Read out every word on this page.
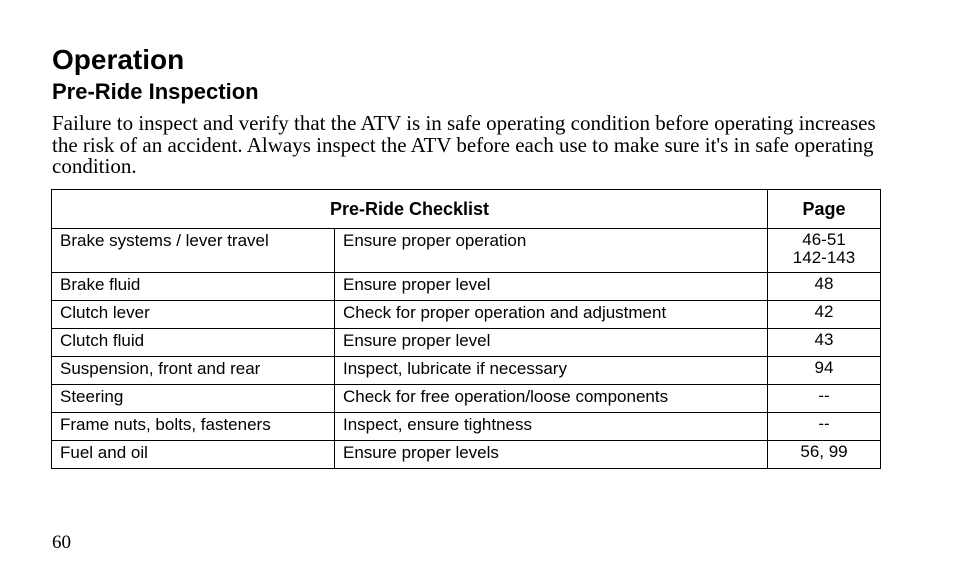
Operation
Pre-Ride Inspection

Failure to inspect and verify that the ATV is in safe operating condition before operating increases the risk of an accident. Always inspect the ATV before each use to make sure it's in safe operating condition.

Pre-Ride Checklist		Page
Brake systems / lever travel	Ensure proper operation	46-51
142-143

Brake fluid	Ensure proper level	48
Clutch lever	Check for proper operation and adjustment	42
Clutch fluid	Ensure proper level	43
Suspension, front and rear	Inspect, lubricate if necessary	94
Steering	Check for free operation/loose components	--
Frame nuts, bolts, fasteners	Inspect, ensure tightness	--
Fuel and oil	Ensure proper levels	56, 99
60
